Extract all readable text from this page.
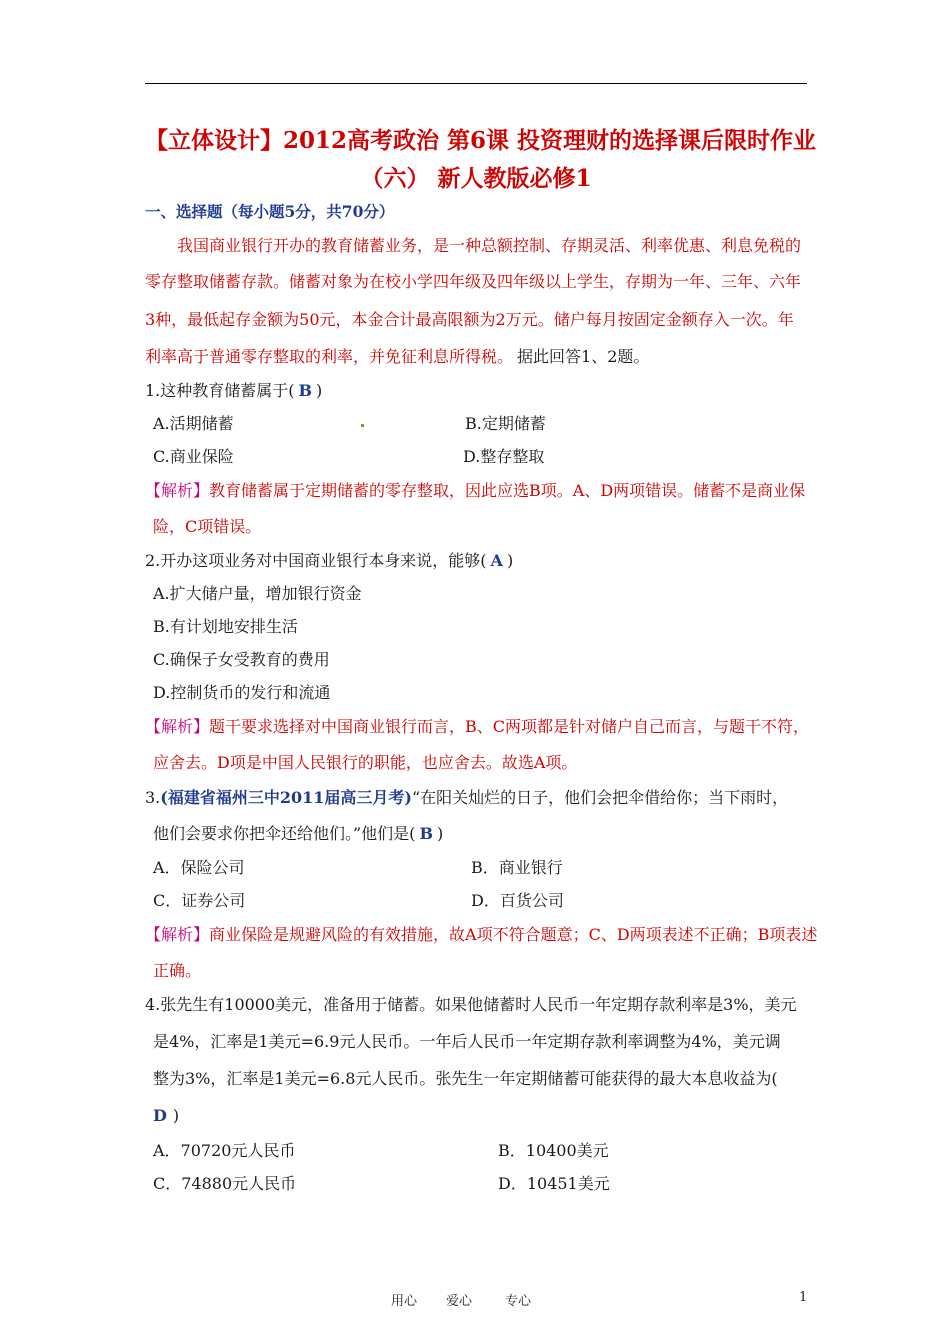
【立体设计】2012高考政治 第6课 投资理财的选择课后限时作业
（六） 新人教版必修1
一、选择题（每小题5分，共70分）
我国商业银行开办的教育储蓄业务，是一种总额控制、存期灵活、利率优惠、利息免税的
零存整取储蓄存款。储蓄对象为在校小学四年级及四年级以上学生，存期为一年、三年、六年
3种，最低起存金额为50元，本金合计最高限额为2万元。储户每月按固定金额存入一次。年
利率高于普通零存整取的利率，并免征利息所得税。 据此回答1、2题。
1.这种教育储蓄属于( B )
A.活期储蓄	B.定期储蓄
C.商业保险	D.整存整取
【解析】教育储蓄属于定期储蓄的零存整取，因此应选B项。A、D两项错误。储蓄不是商业保
险，C项错误。
2.开办这项业务对中国商业银行本身来说，能够( A )
A.扩大储户量，增加银行资金
B.有计划地安排生活
C.确保子女受教育的费用
D.控制货币的发行和流通
【解析】题干要求选择对中国商业银行而言，B、C两项都是针对储户自己而言，与题干不符，
应舍去。D项是中国人民银行的职能，也应舍去。故选A项。
3.(福建省福州三中2011届高三月考)“在阳关灿烂的日子，他们会把伞借给你；当下雨时，
他们会要求你把伞还给他们。”他们是( B )
A．保险公司	B．商业银行
C．证券公司	D．百货公司
【解析】商业保险是规避风险的有效措施，故A项不符合题意；C、D两项表述不正确；B项表述
正确。
4.张先生有10000美元，准备用于储蓄。如果他储蓄时人民币一年定期存款利率是3%，美元
是4%，汇率是1美元=6.9元人民币。一年后人民币一年定期存款利率调整为4%，美元调
整为3%，汇率是1美元=6.8元人民币。张先生一年定期储蓄可能获得的最大本息收益为(
D )
A．70720元人民币	B．10400美元
C．74880元人民币	D．10451美元
用心 爱心	专心	1
